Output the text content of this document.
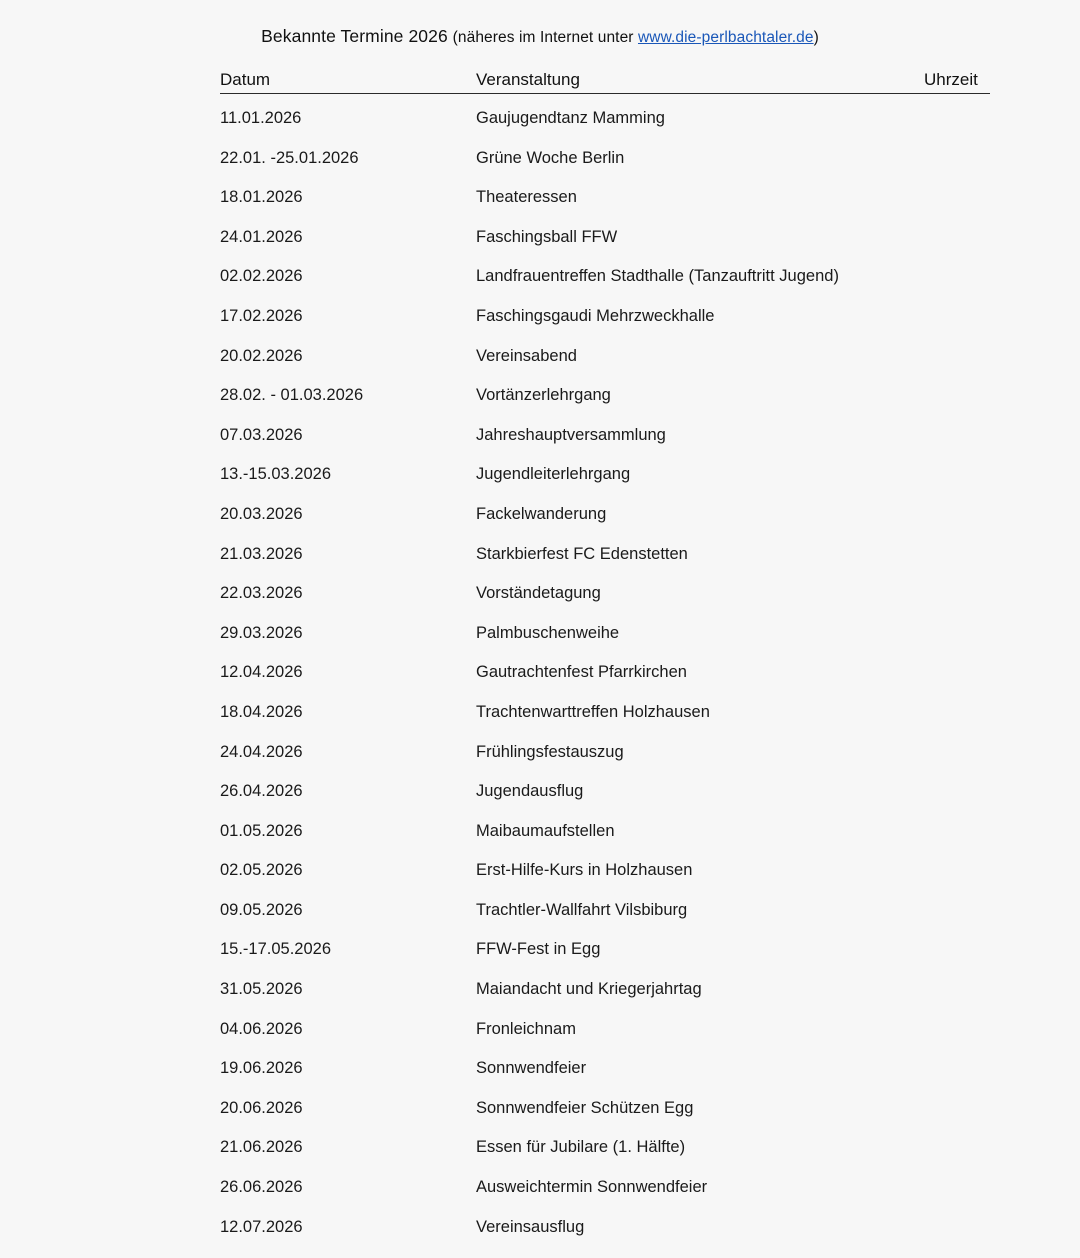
Bekannte Termine 2026 (näheres im Internet unter www.die-perlbachtaler.de)
Datum	Veranstaltung	Uhrzeit
11.01.2026	Gaujugendtanz Mamming
22.01. -25.01.2026	Grüne Woche Berlin
18.01.2026	Theateressen
24.01.2026	Faschingsball FFW
02.02.2026	Landfrauentreffen Stadthalle (Tanzauftritt Jugend)
17.02.2026	Faschingsgaudi Mehrzweckhalle
20.02.2026	Vereinsabend
28.02. - 01.03.2026	Vortänzerlehrgang
07.03.2026	Jahreshauptversammlung
13.-15.03.2026	Jugendleiterlehrgang
20.03.2026	Fackelwanderung
21.03.2026	Starkbierfest FC Edenstetten
22.03.2026	Vorständetagung
29.03.2026	Palmbuschenweihe
12.04.2026	Gautrachtenfest Pfarrkirchen
18.04.2026	Trachtenwarttreffen Holzhausen
24.04.2026	Frühlingsfestauszug
26.04.2026	Jugendausflug
01.05.2026	Maibaumaufstellen
02.05.2026	Erst-Hilfe-Kurs in Holzhausen
09.05.2026	Trachtler-Wallfahrt Vilsbiburg
15.-17.05.2026	FFW-Fest in Egg
31.05.2026	Maiandacht und Kriegerjahrtag
04.06.2026	Fronleichnam
19.06.2026	Sonnwendfeier
20.06.2026	Sonnwendfeier Schützen Egg
21.06.2026	Essen für Jubilare (1. Hälfte)
26.06.2026	Ausweichtermin Sonnwendfeier
12.07.2026	Vereinsausflug
